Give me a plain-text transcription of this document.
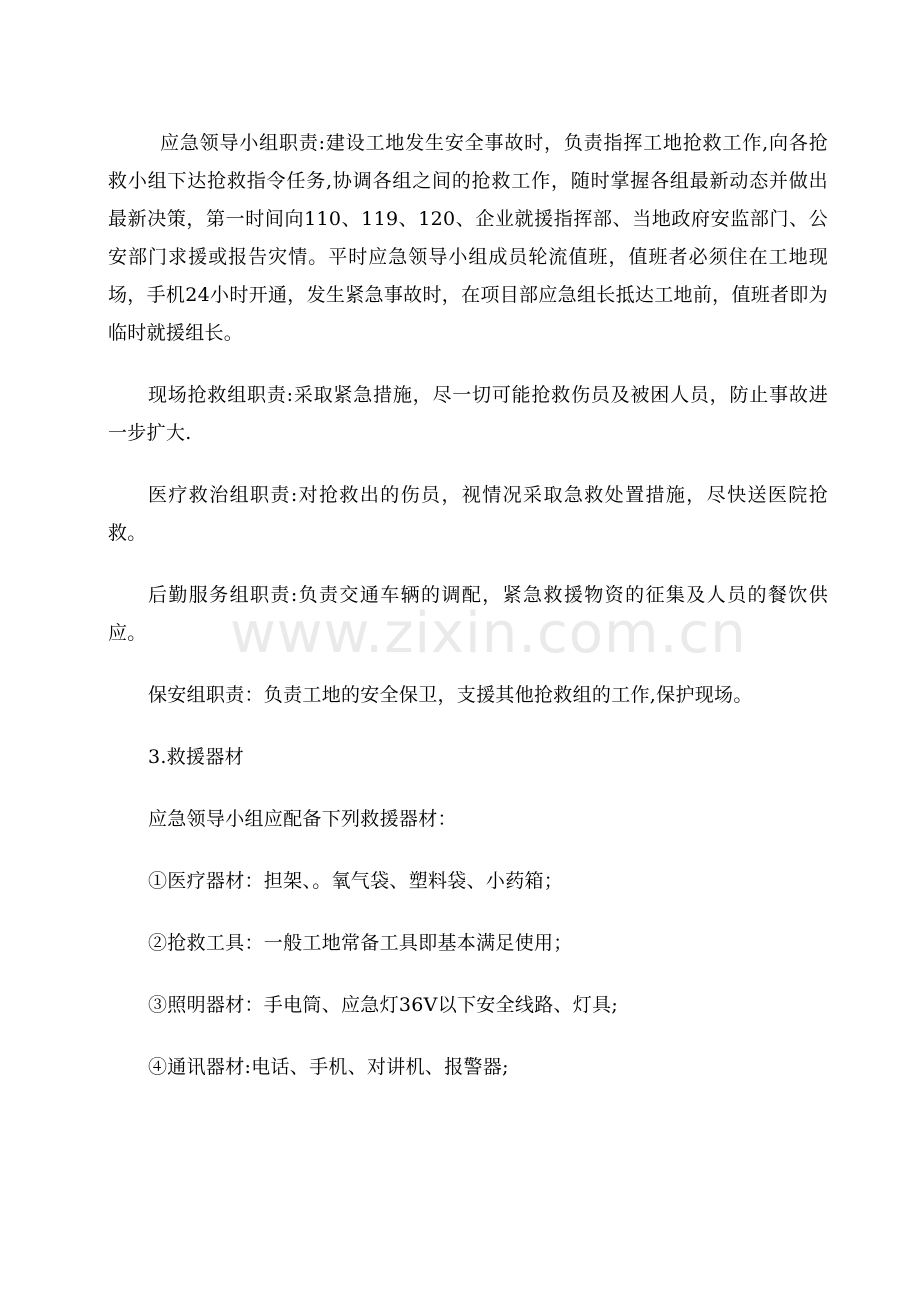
应急领导小组职责:建设工地发生安全事故时，负责指挥工地抢救工作,向各抢救小组下达抢救指令任务,协调各组之间的抢救工作，随时掌握各组最新动态并做出最新决策，第一时间向110、119、120、企业就援指挥部、当地政府安监部门、公安部门求援或报告灾情。平时应急领导小组成员轮流值班，值班者必须住在工地现场，手机24小时开通，发生紧急事故时，在项目部应急组长抵达工地前，值班者即为临时就援组长。

现场抢救组职责:采取紧急措施，尽一切可能抢救伤员及被困人员，防止事故进一步扩大.

医疗救治组职责:对抢救出的伤员，视情况采取急救处置措施，尽快送医院抢救。

后勤服务组职责:负责交通车辆的调配，紧急救援物资的征集及人员的餐饮供应。

保安组职责：负责工地的安全保卫，支援其他抢救组的工作,保护现场。

3.救援器材

应急领导小组应配备下列救援器材：

①医疗器材：担架、。氧气袋、塑料袋、小药箱；

②抢救工具：一般工地常备工具即基本满足使用；

③照明器材：手电筒、应急灯36V以下安全线路、灯具;

④通讯器材:电话、手机、对讲机、报警器;

www.zixin.com.cn
